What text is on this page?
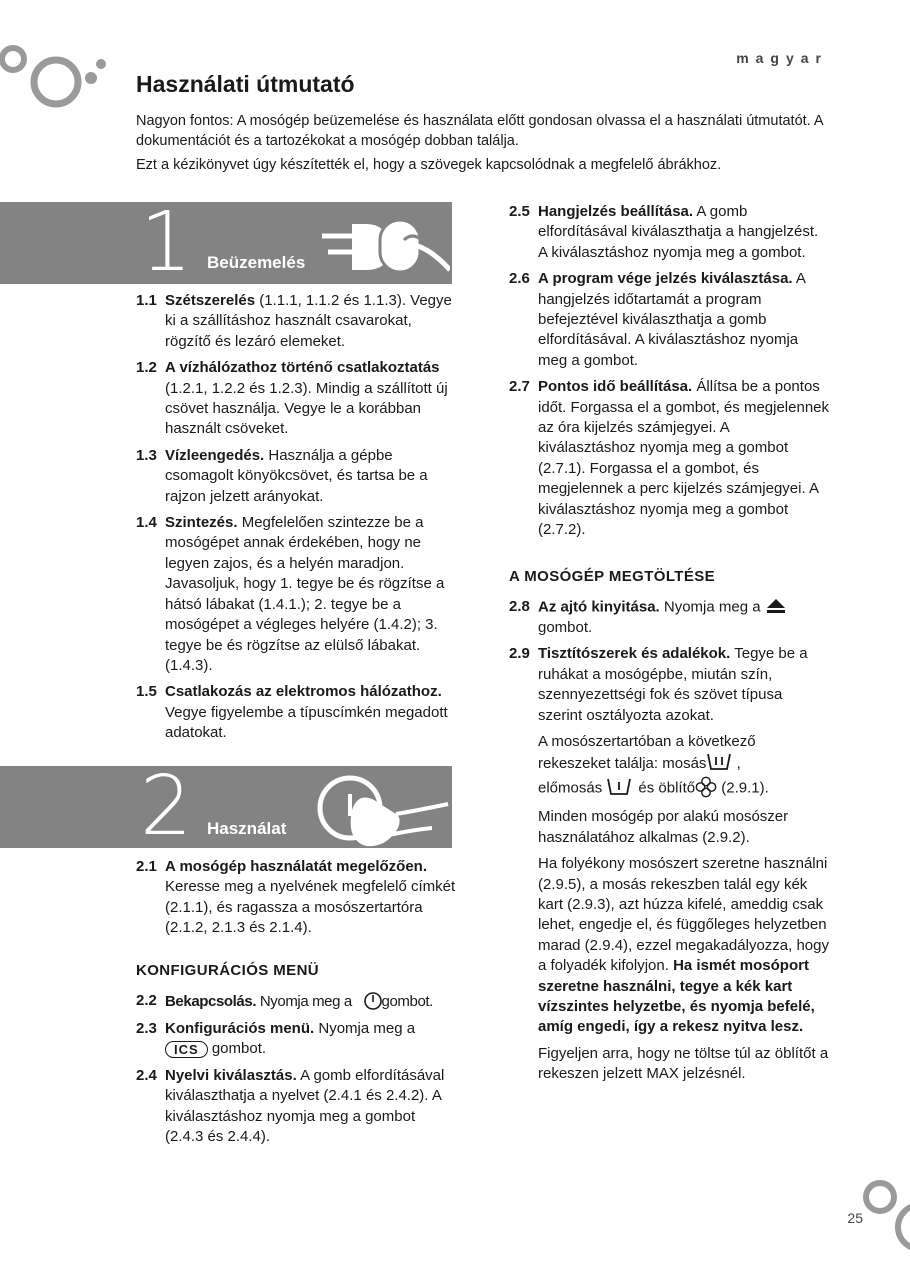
magyar
Használati útmutató

Nagyon fontos: A mosógép beüzemelése és használata előtt gondosan olvassa el a használati útmutatót. A dokumentációt és a tartozékokat a mosógép dobban találja.

Ezt a kézikönyvet úgy készítették el, hogy a szövegek kapcsolódnak a megfelelő ábrákhoz.

1 Beüzemelés
1.1 Szétszerelés (1.1.1, 1.1.2 és 1.1.3). Vegye ki a szállításhoz használt csavarokat, rögzítő és lezáró elemeket.
1.2 A vízhálózathoz történő csatlakoztatás (1.2.1, 1.2.2 és 1.2.3). Mindig a szállított új csövet használja. Vegye le a korábban használt csöveket.
1.3 Vízleengedés. Használja a gépbe csomagolt könyökcsövet, és tartsa be a rajzon jelzett arányokat.
1.4 Szintezés. Megfelelően szintezze be a mosógépet annak érdekében, hogy ne legyen zajos, és a helyén maradjon. Javasoljuk, hogy 1. tegye be és rögzítse a hátsó lábakat (1.4.1.); 2. tegye be a mosógépet a végleges helyére (1.4.2); 3. tegye be és rögzítse az elülső lábakat. (1.4.3).
1.5 Csatlakozás az elektromos hálózathoz. Vegye figyelembe a típuscímkén megadott adatokat.
2 Használat
2.1 A mosógép használatát megelőzően. Keresse meg a nyelvének megfelelő címkét (2.1.1), és ragassza a mosószertartóra (2.1.2, 2.1.3 és 2.1.4).
KONFIGURÁCIÓS MENÜ
2.2 Bekapcsolás. Nyomja meg a gombot.
2.3 Konfigurációs menü. Nyomja meg a
ICS gombot.
2.4 Nyelvi kiválasztás. A gomb elfordításával kiválaszthatja a nyelvet (2.4.1 és 2.4.2). A kiválasztáshoz nyomja meg a gombot (2.4.3 és 2.4.4).
2.5 Hangjelzés beállítása. A gomb elfordításával kiválaszthatja a hangjelzést. A kiválasztáshoz nyomja meg a gombot.
2.6 A program vége jelzés kiválasztása. A hangjelzés időtartamát a program befejeztével kiválaszthatja a gomb elfordításával. A kiválasztáshoz nyomja meg a gombot.
2.7 Pontos idő beállítása. Állítsa be a pontos időt. Forgassa el a gombot, és megjelennek az óra kijelzés számjegyei. A kiválasztáshoz nyomja meg a gombot (2.7.1). Forgassa el a gombot, és megjelennek a perc kijelzés számjegyei. A kiválasztáshoz nyomja meg a gombot (2.7.2).
A MOSÓGÉP MEGTÖLTÉSE
2.8 Az ajtó kinyitása. Nyomja meg a
gombot.
2.9 Tisztítószerek és adalékok. Tegye be a ruhákat a mosógépbe, miután szín, szennyezettségi fok és szövet típusa szerint osztályozta azokat.
A mosószertartóban a következő rekeszeket találja: mosás ,
előmosás és öblítő (2.9.1).
Minden mosógép por alakú mosószer használatához alkalmas (2.9.2).
Ha folyékony mosószert szeretne használni (2.9.5), a mosás rekeszben talál egy kék kart (2.9.3), azt húzza kifelé, ameddig csak lehet, engedje el, és függőleges helyzetben marad (2.9.4), ezzel megakadályozza, hogy a folyadék kifolyjon. Ha ismét mosóport szeretne használni, tegye a kék kart vízszintes helyzetbe, és nyomja befelé, amíg engedi, így a rekesz nyitva lesz.
Figyeljen arra, hogy ne töltse túl az öblítőt a rekeszen jelzett MAX jelzésnél.
25
